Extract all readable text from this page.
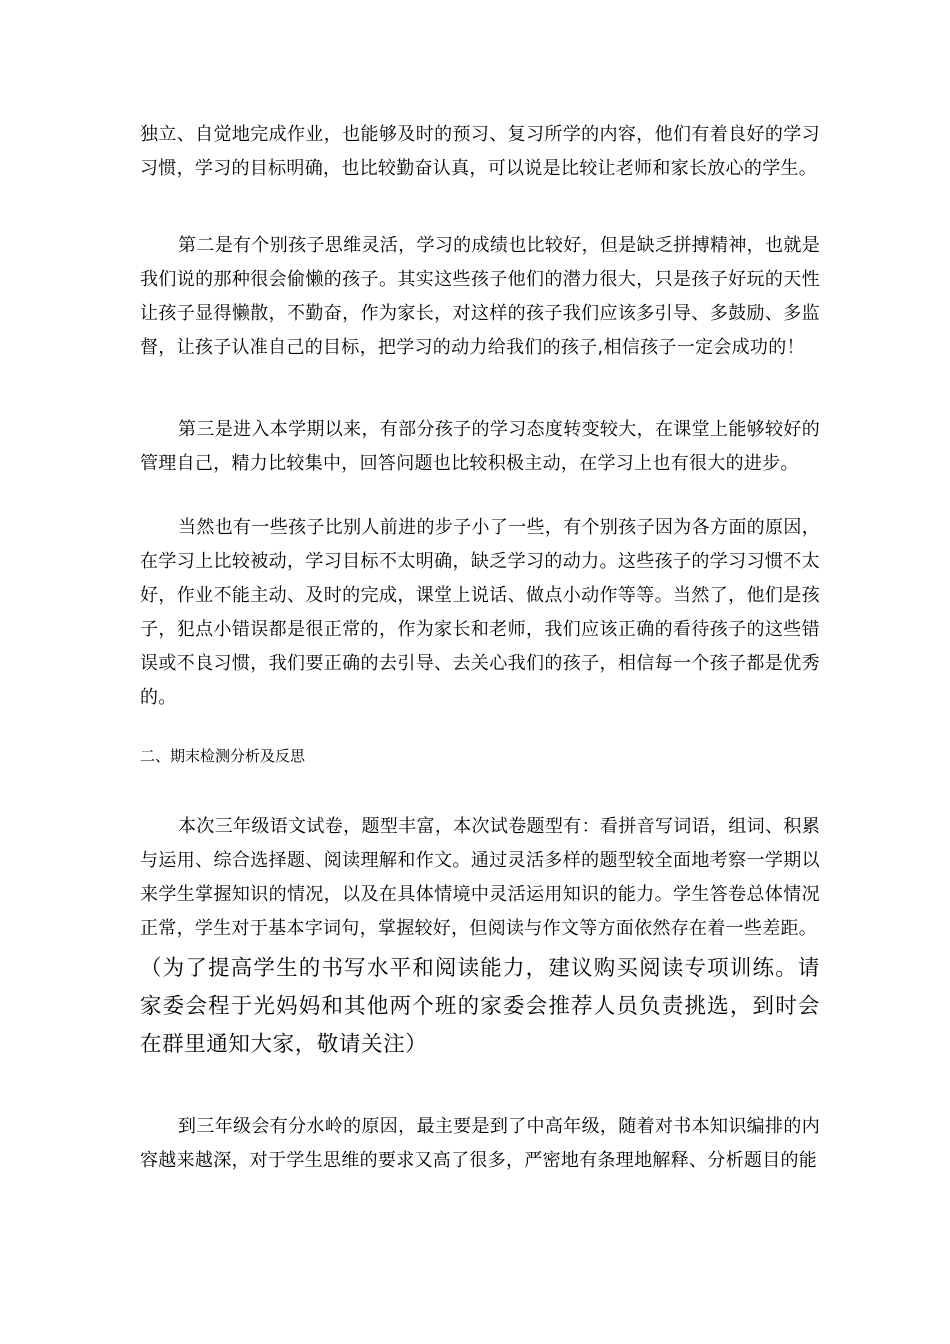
独立、自觉地完成作业，也能够及时的预习、复习所学的内容，他们有着良好的学习习惯，学习的目标明确，也比较勤奋认真，可以说是比较让老师和家长放心的学生。

第二是有个别孩子思维灵活，学习的成绩也比较好，但是缺乏拼搏精神，也就是我们说的那种很会偷懒的孩子。其实这些孩子他们的潜力很大，只是孩子好玩的天性让孩子显得懒散，不勤奋，作为家长，对这样的孩子我们应该多引导、多鼓励、多监督，让孩子认准自己的目标，把学习的动力给我们的孩子,相信孩子一定会成功的！

第三是进入本学期以来，有部分孩子的学习态度转变较大，在课堂上能够较好的管理自己，精力比较集中，回答问题也比较积极主动，在学习上也有很大的进步。

当然也有一些孩子比别人前进的步子小了一些，有个别孩子因为各方面的原因，在学习上比较被动，学习目标不太明确，缺乏学习的动力。这些孩子的学习习惯不太好，作业不能主动、及时的完成，课堂上说话、做点小动作等等。当然了，他们是孩子，犯点小错误都是很正常的，作为家长和老师，我们应该正确的看待孩子的这些错误或不良习惯，我们要正确的去引导、去关心我们的孩子，相信每一个孩子都是优秀的。

二、期末检测分析及反思

本次三年级语文试卷，题型丰富，本次试卷题型有：看拼音写词语，组词、积累与运用、综合选择题、阅读理解和作文。通过灵活多样的题型较全面地考察一学期以来学生掌握知识的情况，以及在具体情境中灵活运用知识的能力。学生答卷总体情况正常，学生对于基本字词句，掌握较好，但阅读与作文等方面依然存在着一些差距。

（为了提高学生的书写水平和阅读能力，建议购买阅读专项训练。请家委会程于光妈妈和其他两个班的家委会推荐人员负责挑选，到时会在群里通知大家，敬请关注）

到三年级会有分水岭的原因，最主要是到了中高年级，随着对书本知识编排的内容越来越深，对于学生思维的要求又高了很多，严密地有条理地解释、分析题目的能
